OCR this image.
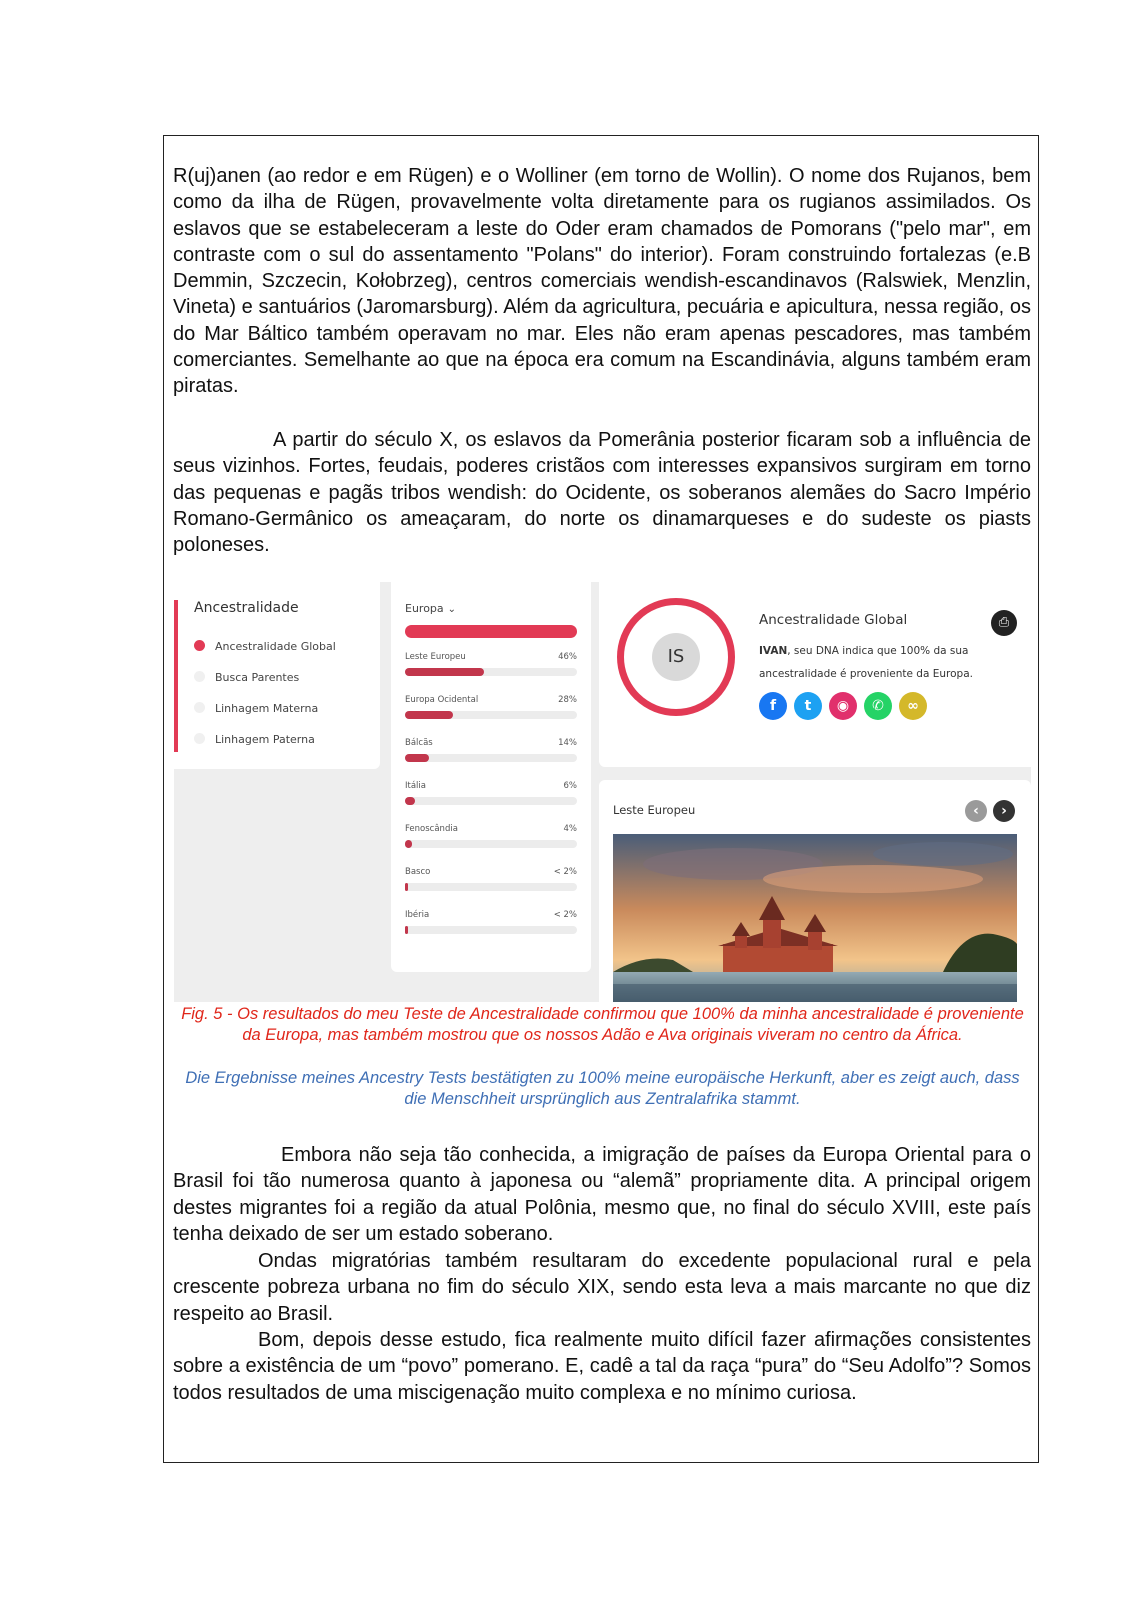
R(uj)anen (ao redor e em Rügen) e o Wolliner (em torno de Wollin). O nome dos Rujanos, bem como da ilha de Rügen, provavelmente volta diretamente para os rugianos assimilados. Os eslavos que se estabeleceram a leste do Oder eram chamados de Pomorans ("pelo mar", em contraste com o sul do assentamento "Polans" do interior). Foram construindo fortalezas (e.B Demmin, Szczecin, Kołobrzeg), centros comerciais wendish-escandinavos (Ralswiek, Menzlin, Vineta) e santuários (Jaromarsburg). Além da agricultura, pecuária e apicultura, nessa região, os do Mar Báltico também operavam no mar. Eles não eram apenas pescadores, mas também comerciantes. Semelhante ao que na época era comum na Escandinávia, alguns também eram piratas.

A partir do século X, os eslavos da Pomerânia posterior ficaram sob a influência de seus vizinhos. Fortes, feudais, poderes cristãos com interesses expansivos surgiram em torno das pequenas e pagãs tribos wendish: do Ocidente, os soberanos alemães do Sacro Império Romano-Germânico os ameaçaram, do norte os dinamarqueses e do sudeste os piasts poloneses.

Ancestralidade
Ancestralidade Global
Busca Parentes
Linhagem Materna
Linhagem Paterna
Europa ⌄
Leste Europeu	46%
Europa Ocidental	28%
Bálcãs	14%
Itália	6%
Fenoscândia	4%
Basco	< 2%
Ibéria	< 2%
IS
Ancestralidade Global	⎙
IVAN, seu DNA indica que 100% da sua ancestralidade é proveniente da Europa.
f t ◉ ✆ ∞
Leste Europeu	‹	›

Fig. 5 - Os resultados do meu Teste de Ancestralidade confirmou que 100% da minha ancestralidade é proveniente da Europa, mas também mostrou que os nossos Adão e Ava originais viveram no centro da África.

Die Ergebnisse meines Ancestry Tests bestätigten zu 100% meine europäische Herkunft, aber es zeigt auch, dass die Menschheit ursprünglich aus Zentralafrika stammt.

Embora não seja tão conhecida, a imigração de países da Europa Oriental para o Brasil foi tão numerosa quanto à japonesa ou “alemã” propriamente dita. A principal origem destes migrantes foi a região da atual Polônia, mesmo que, no final do século XVIII, este país tenha deixado de ser um estado soberano.

Ondas migratórias também resultaram do excedente populacional rural e pela crescente pobreza urbana no fim do século XIX, sendo esta leva a mais marcante no que diz respeito ao Brasil.

Bom, depois desse estudo, fica realmente muito difícil fazer afirmações consistentes sobre a existência de um “povo” pomerano. E, cadê a tal da raça “pura” do “Seu Adolfo”? Somos todos resultados de uma miscigenação muito complexa e no mínimo curiosa.
